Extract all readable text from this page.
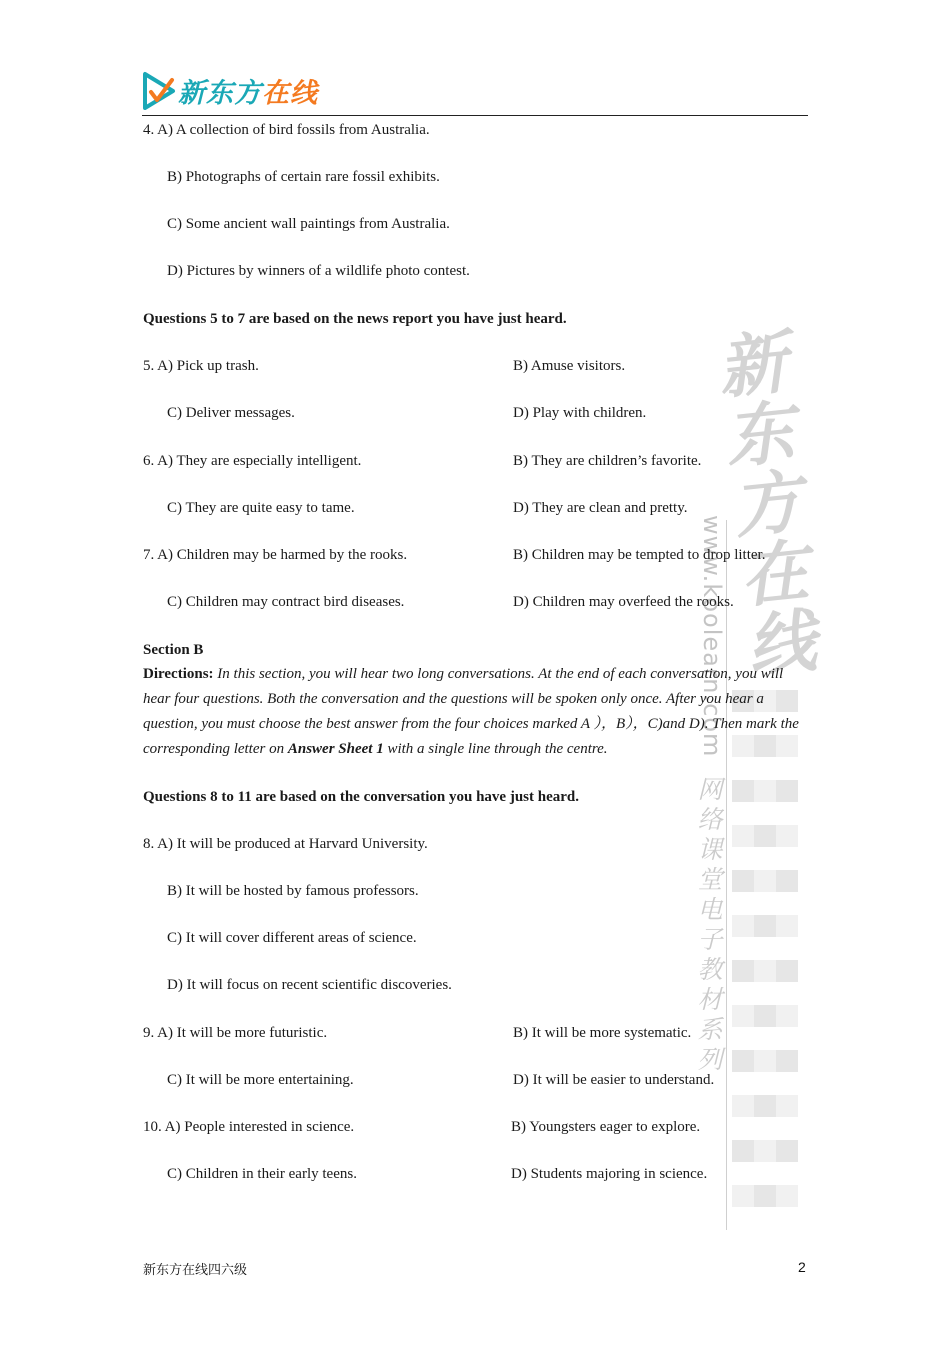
新东方在线
新
东
方
在
线
www.koolearn.com
网
络
课
堂
电
子
教
材
系
列
4. A) A collection of bird fossils from Australia.
B) Photographs of certain rare fossil exhibits.
C) Some ancient wall paintings from Australia.
D) Pictures by winners of a wildlife photo contest.
Questions 5 to 7 are based on the news report you have just heard.
5. A) Pick up trash.	B) Amuse visitors.
C) Deliver messages.	D) Play with children.
6. A) They are especially intelligent.	B) They are children’s favorite.
C) They are quite easy to tame.	D) They are clean and pretty.
7. A) Children may be harmed by the rooks.	B) Children may be tempted to drop litter.
C) Children may contract bird diseases.	D) Children may overfeed the rooks.
Section B
Directions: In this section, you will hear two long conversations. At the end of each conversation, you will hear four questions. Both the conversation and the questions will be spoken only once. After you hear a question, you must choose the best answer from the four choices marked A ），B），C)and D). Then mark the corresponding letter on Answer Sheet 1 with a single line through the centre.
Questions 8 to 11 are based on the conversation you have just heard.
8. A) It will be produced at Harvard University.
B) It will be hosted by famous professors.
C) It will cover different areas of science.
D) It will focus on recent scientific discoveries.
9. A) It will be more futuristic.	B) It will be more systematic.
C) It will be more entertaining.	D) It will be easier to understand.
10. A) People interested in science.	B) Youngsters eager to explore.
C) Children in their early teens.	D) Students majoring in science.
新东方在线四六级	2
